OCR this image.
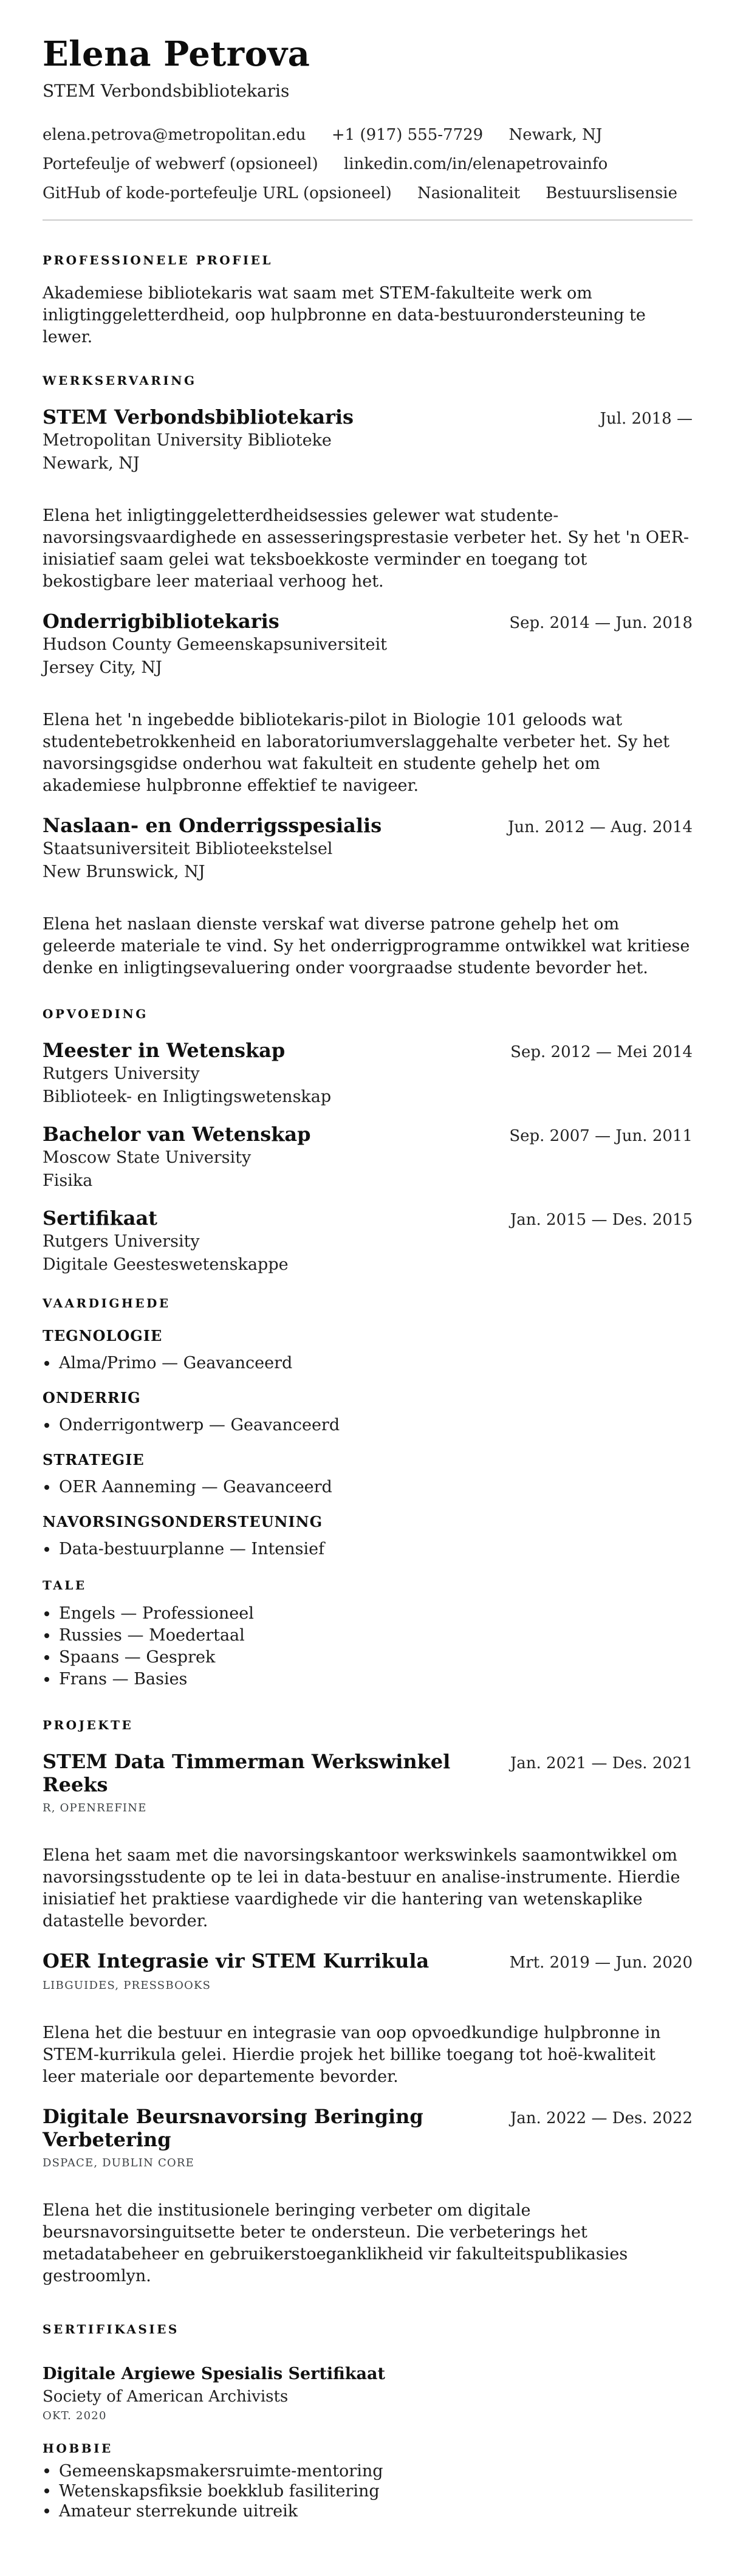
Elena Petrova
STEM Verbondsbibliotekaris
elena.petrova@metropolitan.edu +1 (917) 555-7729 Newark, NJ
Portefeulje of webwerf (opsioneel) linkedin.com/in/elenapetrovainfo
GitHub of kode-portefeulje URL (opsioneel) Nasionaliteit Bestuurslisensie
PROFESSIONELE PROFIEL

Akademiese bibliotekaris wat saam met STEM-fakulteite werk om inligtinggeletterdheid, oop hulpbronne en data-bestuurondersteuning te lewer.

WERKSERVARING
STEM Verbondsbibliotekaris	Jul. 2018 —
Metropolitan University Biblioteke
Newark, NJ

Elena het inligtinggeletterdheidsessies gelewer wat studente-navorsingsvaardighede en assesseringsprestasie verbeter het. Sy het 'n OER-inisiatief saam gelei wat teksboekkoste verminder en toegang tot bekostigbare leer materiaal verhoog het.

Onderrigbibliotekaris	Sep. 2014 — Jun. 2018
Hudson County Gemeenskapsuniversiteit
Jersey City, NJ

Elena het 'n ingebedde bibliotekaris-pilot in Biologie 101 geloods wat studentebetrokkenheid en laboratoriumverslaggehalte verbeter het. Sy het navorsingsgidse onderhou wat fakulteit en studente gehelp het om akademiese hulpbronne effektief te navigeer.

Naslaan- en Onderrigsspesialis	Jun. 2012 — Aug. 2014
Staatsuniversiteit Biblioteekstelsel
New Brunswick, NJ

Elena het naslaan dienste verskaf wat diverse patrone gehelp het om geleerde materiale te vind. Sy het onderrigprogramme ontwikkel wat kritiese denke en inligtingsevaluering onder voorgraadse studente bevorder het.

OPVOEDING
Meester in Wetenskap	Sep. 2012 — Mei 2014
Rutgers University
Biblioteek- en Inligtingswetenskap
Bachelor van Wetenskap	Sep. 2007 — Jun. 2011
Moscow State University
Fisika
Sertifikaat	Jan. 2015 — Des. 2015
Rutgers University
Digitale Geesteswetenskappe
VAARDIGHEDE
TEGNOLOGIE
Alma/Primo — Geavanceerd
ONDERRIG
Onderrigontwerp — Geavanceerd
STRATEGIE
OER Aanneming — Geavanceerd
NAVORSINGSONDERSTEUNING
Data-bestuurplanne — Intensief
TALE
Engels — Professioneel
Russies — Moedertaal
Spaans — Gesprek
Frans — Basies
PROJEKTE
STEM Data Timmerman Werkswinkel Reeks
Jan. 2021 — Des. 2021
R, OPENREFINE

Elena het saam met die navorsingskantoor werkswinkels saamontwikkel om navorsingsstudente op te lei in data-bestuur en analise-instrumente. Hierdie inisiatief het praktiese vaardighede vir die hantering van wetenskaplike datastelle bevorder.

OER Integrasie vir STEM Kurrikula	Mrt. 2019 — Jun. 2020
LIBGUIDES, PRESSBOOKS

Elena het die bestuur en integrasie van oop opvoedkundige hulpbronne in STEM-kurrikula gelei. Hierdie projek het billike toegang tot hoë-kwaliteit leer materiale oor departemente bevorder.

Digitale Beursnavorsing Beringing Verbetering
Jan. 2022 — Des. 2022
DSPACE, DUBLIN CORE

Elena het die institusionele beringing verbeter om digitale beursnavorsinguitsette beter te ondersteun. Die verbeterings het metadatabeheer en gebruikerstoeganklikheid vir fakulteitspublikasies gestroomlyn.

SERTIFIKASIES
Digitale Argiewe Spesialis Sertifikaat
Society of American Archivists
OKT. 2020
HOBBIE
Gemeenskapsmakersruimte-mentoring
Wetenskapsfiksie boekklub fasilitering
Amateur sterrekunde uitreik
